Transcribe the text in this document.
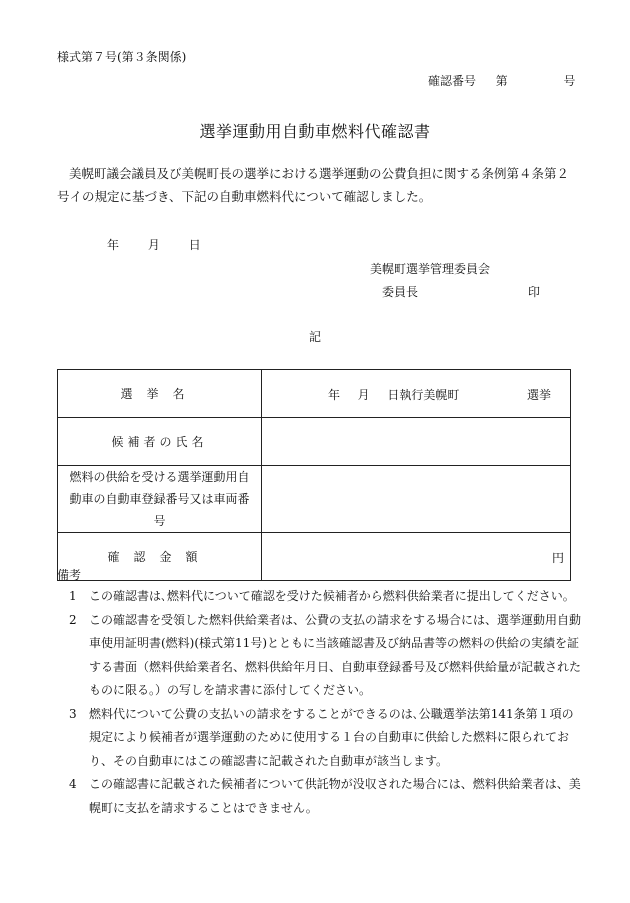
様式第７号(第３条関係)
確認番号 第	号
選挙運動用自動車燃料代確認書
美幌町議会議員及び美幌町長の選挙における選挙運動の公費負担に関する条例第４条第２号イの規定に基づき、下記の自動車燃料代について確認しました。
年 月 日
美幌町選挙管理委員会
委員長	印
記
選挙名	年 月 日執行美幌町 選挙

候補者の氏名	

燃料の供給を受ける選挙運動用自動車の自動車登録番号又は車両番号	

確認金額	円
備考
1	この確認書は､燃料代について確認を受けた候補者から燃料供給業者に提出してください。
2	この確認書を受領した燃料供給業者は、公費の支払の請求をする場合には、選挙運動用自動車使用証明書(燃料)(様式第11号)とともに当該確認書及び納品書等の燃料の供給の実績を証する書面（燃料供給業者名、燃料供給年月日、自動車登録番号及び燃料供給量が記載されたものに限る。）の写しを請求書に添付してください。
3	燃料代について公費の支払いの請求をすることができるのは､公職選挙法第141条第１項の規定により候補者が選挙運動のために使用する１台の自動車に供給した燃料に限られており、その自動車にはこの確認書に記載された自動車が該当します。
4	この確認書に記載された候補者について供託物が没収された場合には、燃料供給業者は、美幌町に支払を請求することはできません。
